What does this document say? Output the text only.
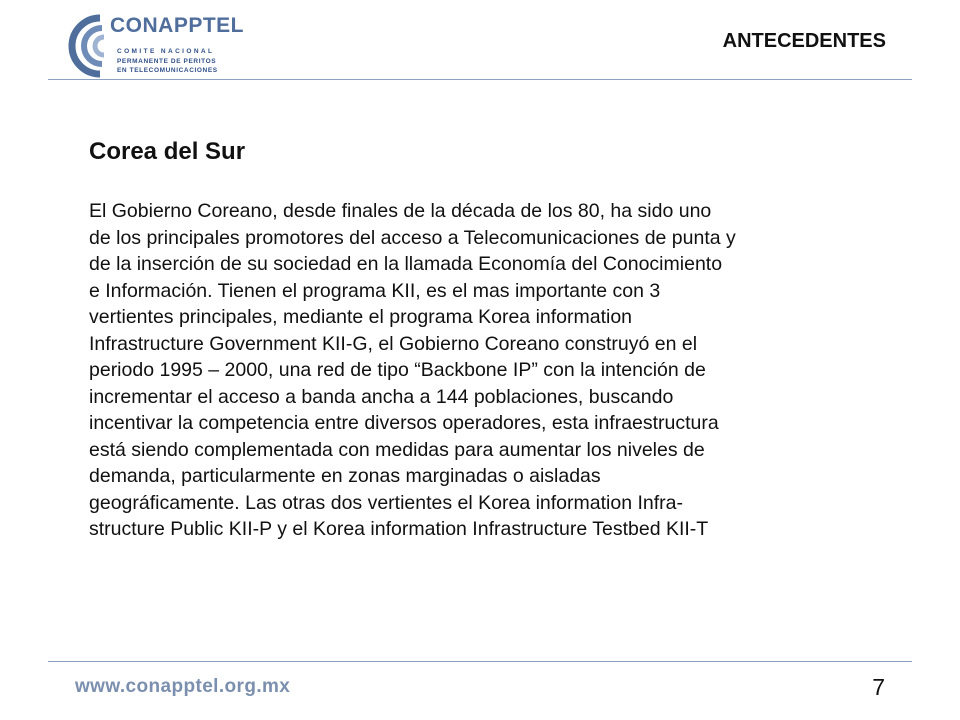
CONAPPTEL
COMITE NACIONAL
PERMANENTE DE PERITOS
EN TELECOMUNICACIONES
ANTECEDENTES
Corea del Sur
El Gobierno Coreano, desde finales de la década de los 80, ha sido uno
de los principales promotores del acceso a Telecomunicaciones de punta y
de la inserción de su sociedad en la llamada Economía del Conocimiento
e Información. Tienen el programa KII, es el mas importante con 3
vertientes principales, mediante el programa Korea information
Infrastructure Government KII-G, el Gobierno Coreano construyó en el
periodo 1995 – 2000, una red de tipo “Backbone IP” con la intención de
incrementar el acceso a banda ancha a 144 poblaciones, buscando
incentivar la competencia entre diversos operadores, esta infraestructura
está siendo complementada con medidas para aumentar los niveles de
demanda, particularmente en zonas marginadas o aisladas
geográficamente. Las otras dos vertientes el Korea information Infra-
structure Public KII-P y el Korea information Infrastructure Testbed KII-T
www.conapptel.org.mx	7
